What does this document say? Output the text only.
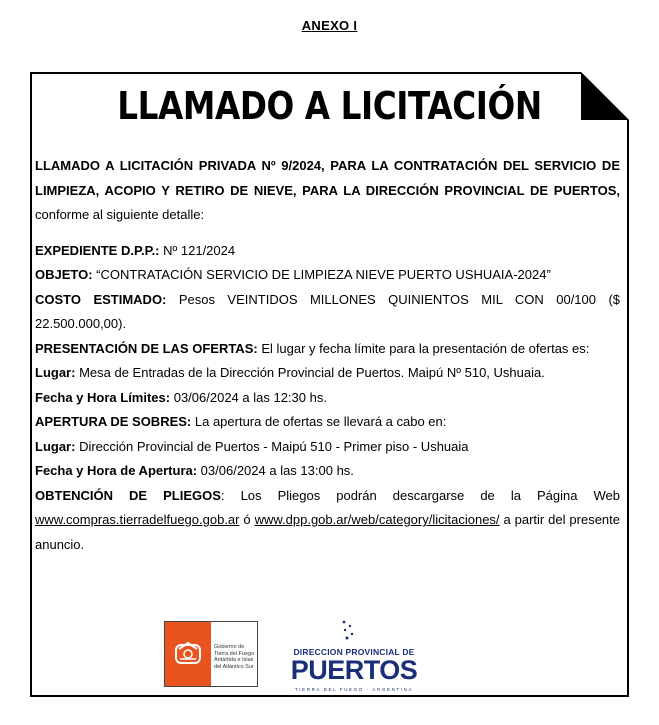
ANEXO I
LLAMADO A LICITACIÓN

LLAMADO A LICITACIÓN PRIVADA Nº 9/2024, PARA LA CONTRATACIÓN DEL SERVICIO DE LIMPIEZA, ACOPIO Y RETIRO DE NIEVE, PARA LA DIRECCIÓN PROVINCIAL DE PUERTOS, conforme al siguiente detalle:

EXPEDIENTE D.P.P.: Nº 121/2024

OBJETO: “CONTRATACIÓN SERVICIO DE LIMPIEZA NIEVE PUERTO USHUAIA-2024”

COSTO ESTIMADO: Pesos VEINTIDOS MILLONES QUINIENTOS MIL CON 00/100 ($ 22.500.000,00).

PRESENTACIÓN DE LAS OFERTAS: El lugar y fecha límite para la presentación de ofertas es:

Lugar: Mesa de Entradas de la Dirección Provincial de Puertos. Maipú Nº 510, Ushuaia.

Fecha y Hora Límites: 03/06/2024 a las 12:30 hs.

APERTURA DE SOBRES: La apertura de ofertas se llevará a cabo en:

Lugar: Dirección Provincial de Puertos - Maipú 510 - Primer piso - Ushuaia

Fecha y Hora de Apertura: 03/06/2024 a las 13:00 hs.

OBTENCIÓN DE PLIEGOS: Los Pliegos podrán descargarse de la Página Web www.compras.tierradelfuego.gob.ar ó www.dpp.gob.ar/web/category/licitaciones/ a partir del presente anuncio.

Gobierno de Tierra del Fuego Antártida e Islas del Atlántico Sur
DIRECCION PROVINCIAL DE
PUERTOS
TIERRA DEL FUEGO · ARGENTINA
